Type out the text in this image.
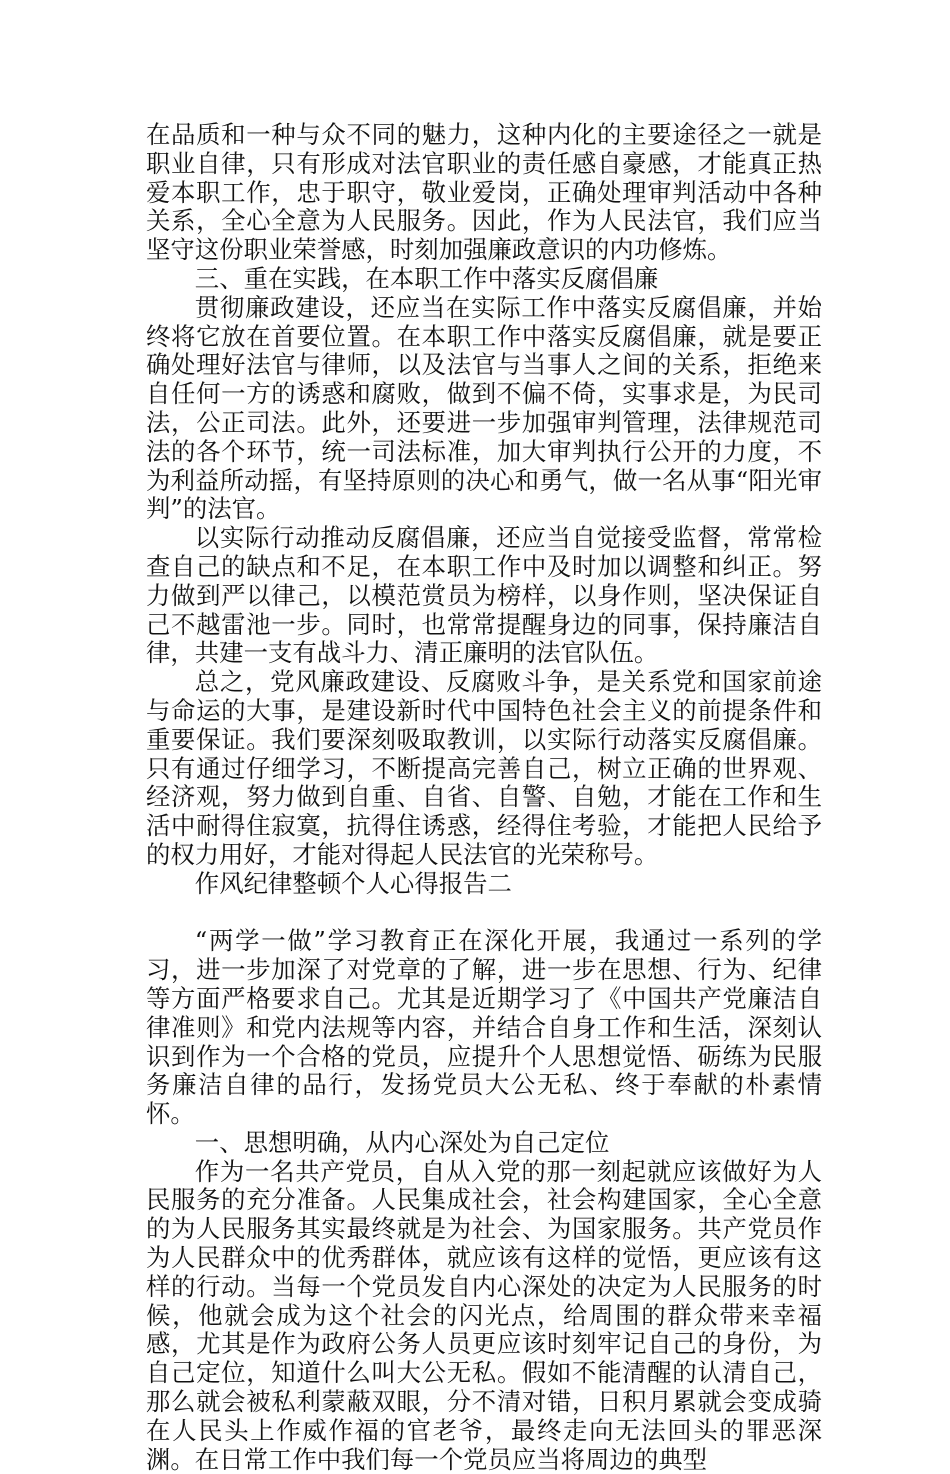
在品质和一种与众不同的魅力，这种内化的主要途径之一就是职业自律，只有形成对法官职业的责任感自豪感，才能真正热爱本职工作，忠于职守，敬业爱岗，正确处理审判活动中各种关系，全心全意为人民服务。因此，作为人民法官，我们应当坚守这份职业荣誉感，时刻加强廉政意识的内功修炼。

三、重在实践，在本职工作中落实反腐倡廉

贯彻廉政建设，还应当在实际工作中落实反腐倡廉，并始终将它放在首要位置。在本职工作中落实反腐倡廉，就是要正确处理好法官与律师，以及法官与当事人之间的关系，拒绝来自任何一方的诱惑和腐败，做到不偏不倚，实事求是，为民司法，公正司法。此外，还要进一步加强审判管理，法律规范司法的各个环节，统一司法标准，加大审判执行公开的力度，不为利益所动摇，有坚持原则的决心和勇气，做一名从事“阳光审判”的法官。

以实际行动推动反腐倡廉，还应当自觉接受监督，常常检查自己的缺点和不足，在本职工作中及时加以调整和纠正。努力做到严以律己，以模范赏员为榜样，以身作则，坚决保证自己不越雷池一步。同时，也常常提醒身边的同事，保持廉洁自律，共建一支有战斗力、清正廉明的法官队伍。

总之，党风廉政建设、反腐败斗争，是关系党和国家前途与命运的大事，是建设新时代中国特色社会主义的前提条件和重要保证。我们要深刻吸取教训，以实际行动落实反腐倡廉。只有通过仔细学习，不断提高完善自己，树立正确的世界观、经济观，努力做到自重、自省、自警、自勉，才能在工作和生活中耐得住寂寞，抗得住诱惑，经得住考验，才能把人民给予的权力用好，才能对得起人民法官的光荣称号。

作风纪律整顿个人心得报告二

“两学一做”学习教育正在深化开展，我通过一系列的学习，进一步加深了对党章的了解，进一步在思想、行为、纪律等方面严格要求自己。尤其是近期学习了《中国共产党廉洁自律准则》和党内法规等内容，并结合自身工作和生活，深刻认识到作为一个合格的党员，应提升个人思想觉悟、砺练为民服务廉洁自律的品行，发扬党员大公无私、终于奉献的朴素情怀。

一、思想明确，从内心深处为自己定位

作为一名共产党员，自从入党的那一刻起就应该做好为人民服务的充分准备。人民集成社会，社会构建国家，全心全意的为人民服务其实最终就是为社会、为国家服务。共产党员作为人民群众中的优秀群体，就应该有这样的觉悟，更应该有这样的行动。当每一个党员发自内心深处的决定为人民服务的时候，他就会成为这个社会的闪光点，给周围的群众带来幸福感，尤其是作为政府公务人员更应该时刻牢记自己的身份，为自己定位，知道什么叫大公无私。假如不能清醒的认清自己，那么就会被私利蒙蔽双眼，分不清对错，日积月累就会变成骑在人民头上作威作福的官老爷，最终走向无法回头的罪恶深渊。在日常工作中我们每一个党员应当将周边的典型
